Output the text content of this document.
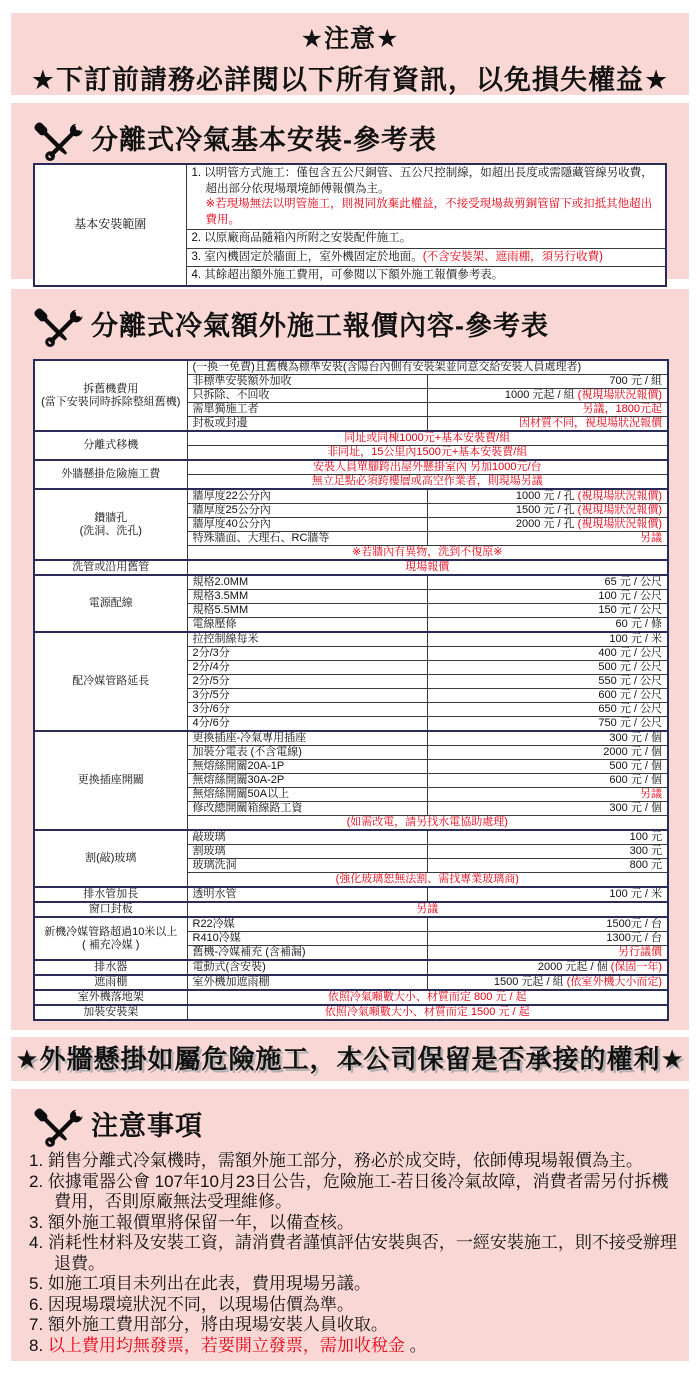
★注意★
★下訂前請務必詳閱以下所有資訊，以免損失權益★
分離式冷氣基本安裝-參考表
基本安裝範圍	
1. 以明管方式施工：僅包含五公尺銅管、五公尺控制線，如超出長度或需隱藏管線另收費，超出部分依現場環境師傅報價為主。
※若現場無法以明管施工，則視同放棄此權益，不接受現場裁剪銅管留下或扣抵其他超出費用。

2. 以原廠商品隨箱內所附之安裝配件施工。

3. 室內機固定於牆面上，室外機固定於地面。(不含安裝架、遮雨棚，須另行收費)

4. 其餘超出額外施工費用，可參閱以下額外施工報價參考表。
分離式冷氣額外施工報價內容-參考表
拆舊機費用
(當下安裝同時拆除整組舊機)	(一換一免費)且舊機為標準安裝(含陽台內側有安裝架並同意交給安裝人員處理者)	
	非標準安裝額外加收	700 元 / 組
	只拆除、不回收	1000 元起 / 組 (視現場狀況報價)
	需單獨施工者	另議，1800元起
	封板或封邊	因材質不同，視現場狀況報價

分離式移機	同址或同棟1000元+基本安裝費/組	
	非同址，15公里內1500元+基本安裝費/組	

外牆懸掛危險施工費	安裝人員單腳跨出屋外懸掛室內 另加1000元/台	
	無立足點必須跨樓層或高空作業者，則現場另議	

鑽牆孔
(洗洞、洗孔)	牆厚度22公分內	1000 元 / 孔 (視現場狀況報價)
	牆厚度25公分內	1500 元 / 孔 (視現場狀況報價)
	牆厚度40公分內	2000 元 / 孔 (視現場狀況報價)
	特殊牆面、大理石、RC牆等	另議
	※若牆內有異物，洗到不復原※	

洗管或沿用舊管	現場報價	

電源配線	規格2.0MM	65 元 / 公尺
	規格3.5MM	100 元 / 公尺
	規格5.5MM	150 元 / 公尺
	電線壓條	60 元 / 條

配冷媒管路延長	拉控制線每米	100 元 / 米
	2分/3分	400 元 / 公尺
	2分/4分	500 元 / 公尺
	2分/5分	550 元 / 公尺
	3分/5分	600 元 / 公尺
	3分/6分	650 元 / 公尺
	4分/6分	750 元 / 公尺

更換插座開關	更換插座-冷氣專用插座	300 元 / 個
	加裝分電表 (不含電線)	2000 元 / 個
	無熔絲開關20A-1P	500 元 / 個
	無熔絲開關30A-2P	600 元 / 個
	無熔絲開關50A以上	另議
	修改總開關箱線路工資	300 元 / 個
	(如需改電，請另找水電協助處理)	

割(敲)玻璃	敲玻璃	100 元
	割玻璃	300 元
	玻璃洗洞	800 元
	(強化玻璃恕無法割、需找專業玻璃商)	

排水管加長	透明水管	100 元 / 米

窗口封板	另議	

新機冷媒管路超過10米以上
( 補充冷媒 )	R22冷媒	1500元 / 台
	R410冷媒	1300元 / 台
	舊機-冷媒補充 (含補漏)	另行議價

排水器	電動式(含安裝)	2000 元起 / 個 (保固一年)

遮雨棚	室外機加遮雨棚	1500 元起 / 組 (依室外機大小而定)

室外機落地架	依照冷氣噸數大小、材質而定 800 元 / 起	

加裝安裝架	依照冷氣噸數大小、材質而定 1500 元 / 起	
★外牆懸掛如屬危險施工，本公司保留是否承接的權利★
注意事項
1. 銷售分離式冷氣機時，需額外施工部分，務必於成交時，依師傅現場報價為主。
2. 依據電器公會 107年10月23日公告，危險施工-若日後冷氣故障，消費者需另付拆機費用，否則原廠無法受理維修。
3. 額外施工報價單將保留一年，以備查核。
4. 消耗性材料及安裝工資，請消費者謹慎評估安裝與否，一經安裝施工，則不接受辦理退費。
5. 如施工項目未列出在此表，費用現場另議。
6. 因現場環境狀況不同，以現場估價為準。
7. 額外施工費用部分，將由現場安裝人員收取。
8. 以上費用均無發票，若要開立發票，需加收稅金 。
